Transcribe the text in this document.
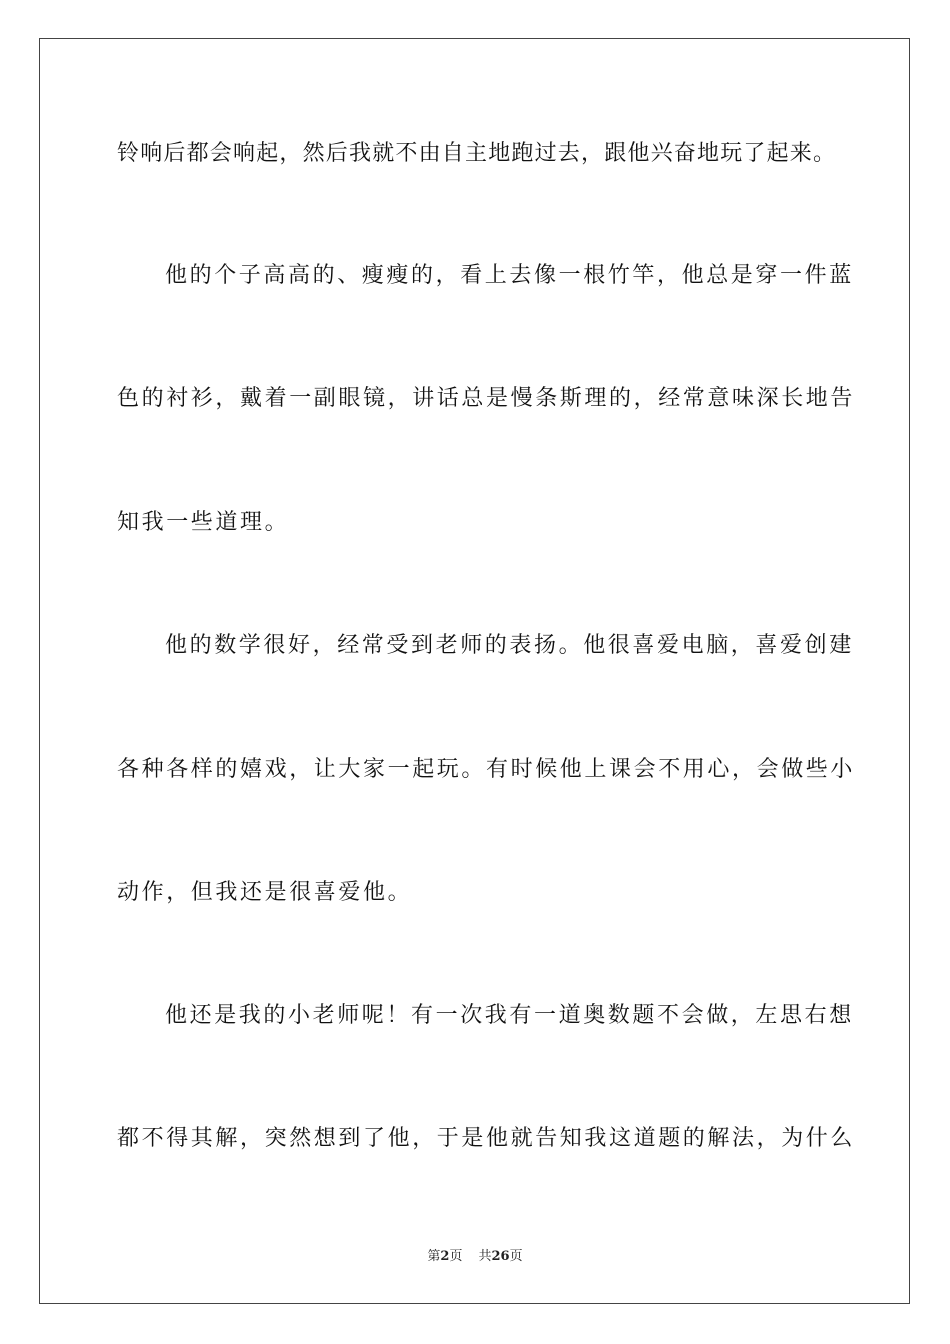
铃响后都会响起，然后我就不由自主地跑过去，跟他兴奋地玩了起来。
他的个子高高的、瘦瘦的，看上去像一根竹竿，他总是穿一件蓝
色的衬衫，戴着一副眼镜，讲话总是慢条斯理的，经常意味深长地告
知我一些道理。
他的数学很好，经常受到老师的表扬。他很喜爱电脑，喜爱创建
各种各样的嬉戏，让大家一起玩。有时候他上课会不用心，会做些小
动作，但我还是很喜爱他。
他还是我的小老师呢！有一次我有一道奥数题不会做，左思右想
都不得其解，突然想到了他，于是他就告知我这道题的解法，为什么
第2页 共26页
